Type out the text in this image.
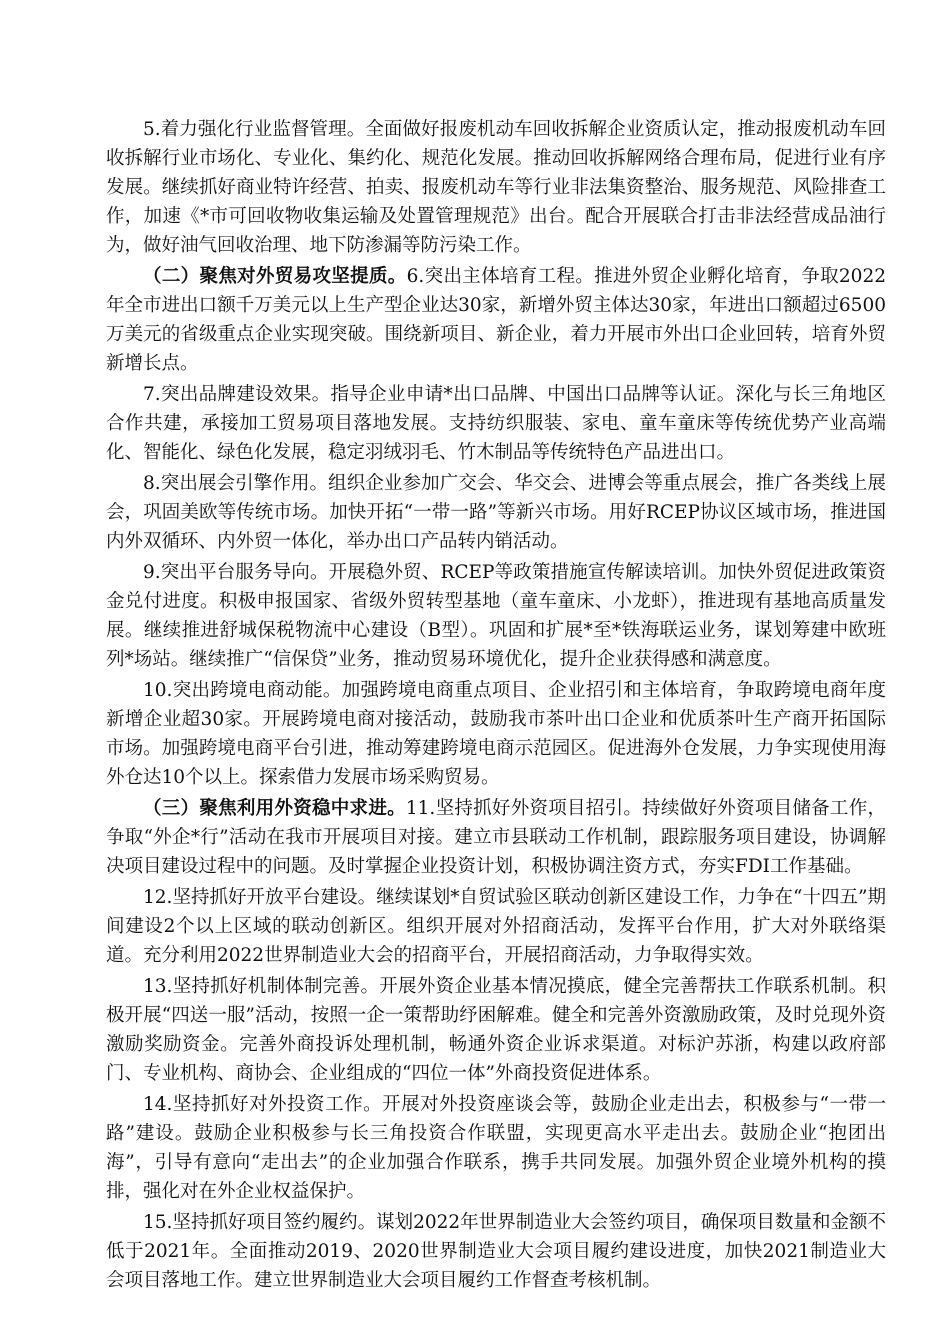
5.着力强化行业监督管理。全面做好报废机动车回收拆解企业资质认定，推动报废机动车回收拆解行业市场化、专业化、集约化、规范化发展。推动回收拆解网络合理布局，促进行业有序发展。继续抓好商业特许经营、拍卖、报废机动车等行业非法集资整治、服务规范、风险排查工作，加速《*市可回收物收集运输及处置管理规范》出台。配合开展联合打击非法经营成品油行为，做好油气回收治理、地下防渗漏等防污染工作。

（二）聚焦对外贸易攻坚提质。6.突出主体培育工程。推进外贸企业孵化培育，争取2022年全市进出口额千万美元以上生产型企业达30家，新增外贸主体达30家，年进出口额超过6500万美元的省级重点企业实现突破。围绕新项目、新企业，着力开展市外出口企业回转，培育外贸新增长点。

7.突出品牌建设效果。指导企业申请*出口品牌、中国出口品牌等认证。深化与长三角地区合作共建，承接加工贸易项目落地发展。支持纺织服装、家电、童车童床等传统优势产业高端化、智能化、绿色化发展，稳定羽绒羽毛、竹木制品等传统特色产品进出口。

8.突出展会引擎作用。组织企业参加广交会、华交会、进博会等重点展会，推广各类线上展会，巩固美欧等传统市场。加快开拓“一带一路”等新兴市场。用好RCEP协议区域市场，推进国内外双循环、内外贸一体化，举办出口产品转内销活动。

9.突出平台服务导向。开展稳外贸、RCEP等政策措施宣传解读培训。加快外贸促进政策资金兑付进度。积极申报国家、省级外贸转型基地（童车童床、小龙虾），推进现有基地高质量发展。继续推进舒城保税物流中心建设（B型）。巩固和扩展*至*铁海联运业务，谋划筹建中欧班列*场站。继续推广“信保贷”业务，推动贸易环境优化，提升企业获得感和满意度。

10.突出跨境电商动能。加强跨境电商重点项目、企业招引和主体培育，争取跨境电商年度新增企业超30家。开展跨境电商对接活动，鼓励我市茶叶出口企业和优质茶叶生产商开拓国际市场。加强跨境电商平台引进，推动筹建跨境电商示范园区。促进海外仓发展，力争实现使用海外仓达10个以上。探索借力发展市场采购贸易。

（三）聚焦利用外资稳中求进。11.坚持抓好外资项目招引。持续做好外资项目储备工作，争取“外企*行”活动在我市开展项目对接。建立市县联动工作机制，跟踪服务项目建设，协调解决项目建设过程中的问题。及时掌握企业投资计划，积极协调注资方式，夯实FDI工作基础。

12.坚持抓好开放平台建设。继续谋划*自贸试验区联动创新区建设工作，力争在“十四五”期间建设2个以上区域的联动创新区。组织开展对外招商活动，发挥平台作用，扩大对外联络渠道。充分利用2022世界制造业大会的招商平台，开展招商活动，力争取得实效。

13.坚持抓好机制体制完善。开展外资企业基本情况摸底，健全完善帮扶工作联系机制。积极开展“四送一服”活动，按照一企一策帮助纾困解难。健全和完善外资激励政策，及时兑现外资激励奖励资金。完善外商投诉处理机制，畅通外资企业诉求渠道。对标沪苏浙，构建以政府部门、专业机构、商协会、企业组成的“四位一体”外商投资促进体系。

14.坚持抓好对外投资工作。开展对外投资座谈会等，鼓励企业走出去，积极参与“一带一路”建设。鼓励企业积极参与长三角投资合作联盟，实现更高水平走出去。鼓励企业“抱团出海”，引导有意向“走出去”的企业加强合作联系，携手共同发展。加强外贸企业境外机构的摸排，强化对在外企业权益保护。

15.坚持抓好项目签约履约。谋划2022年世界制造业大会签约项目，确保项目数量和金额不低于2021年。全面推动2019、2020世界制造业大会项目履约建设进度，加快2021制造业大会项目落地工作。建立世界制造业大会项目履约工作督查考核机制。
